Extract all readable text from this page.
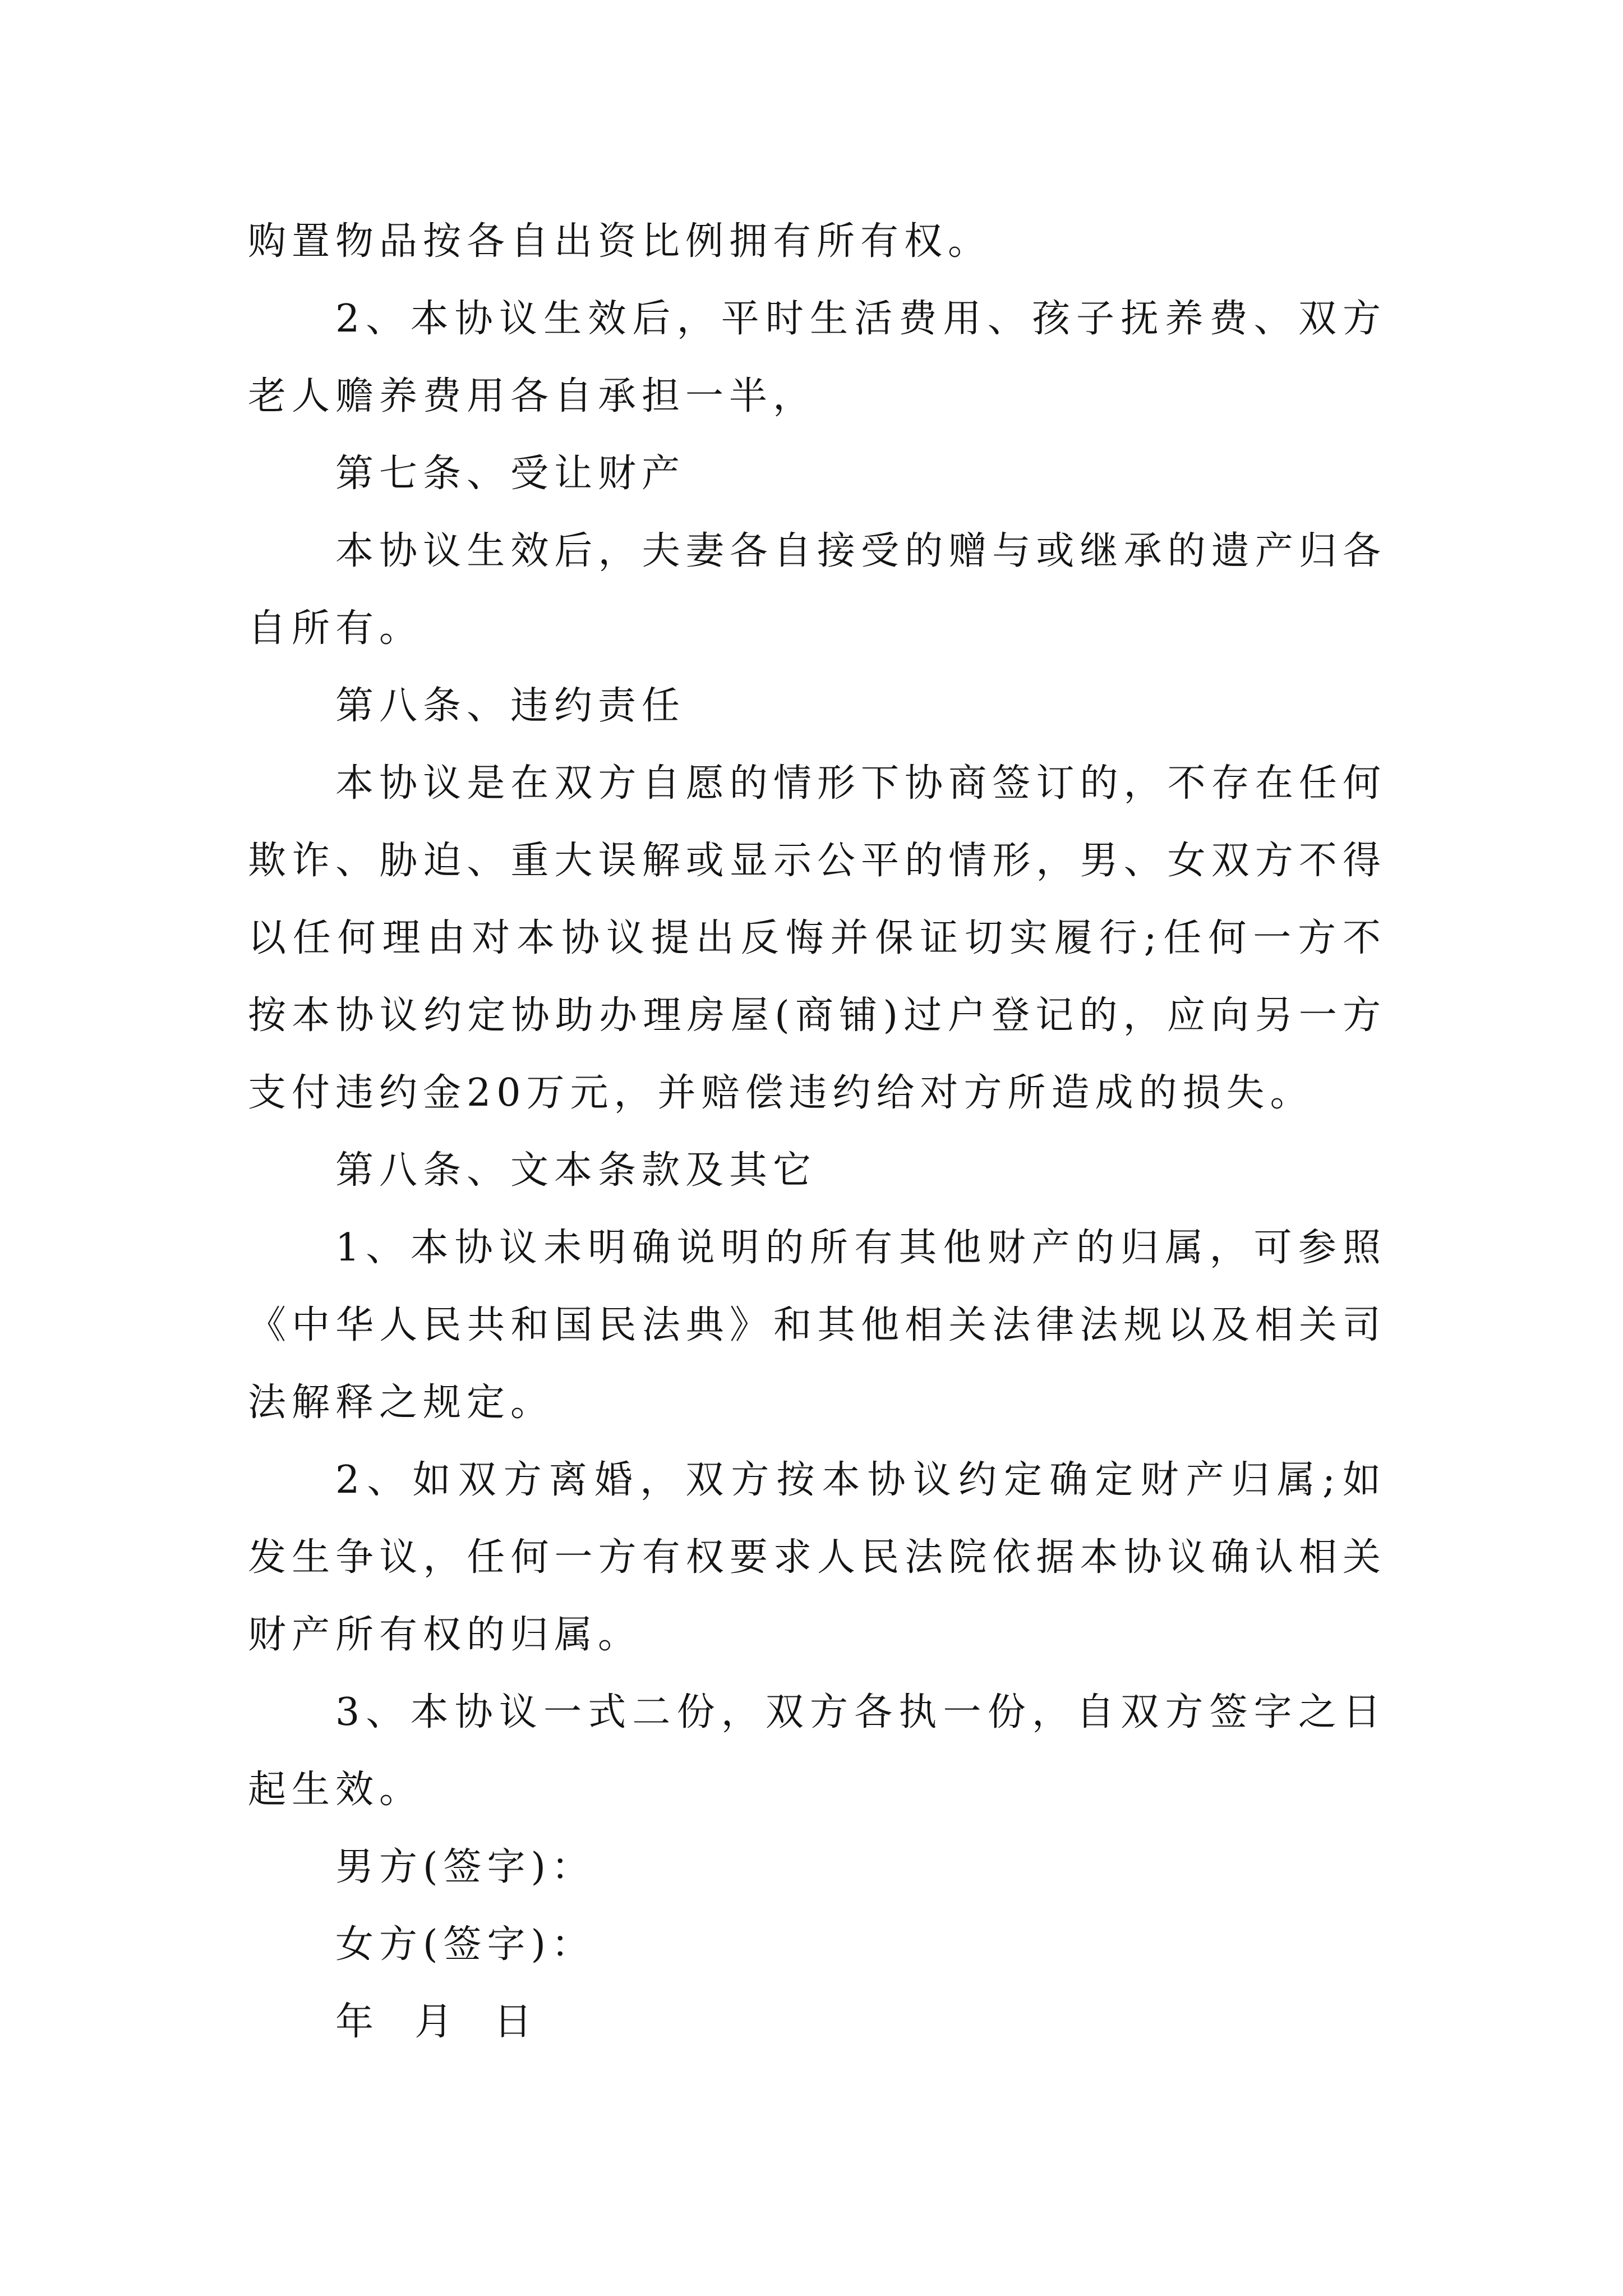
购置物品按各自出资比例拥有所有权。

2、本协议生效后，平时生活费用、孩子抚养费、双方老人赡养费用各自承担一半，

第七条、受让财产

本协议生效后，夫妻各自接受的赠与或继承的遗产归各自所有。

第八条、违约责任

本协议是在双方自愿的情形下协商签订的，不存在任何欺诈、胁迫、重大误解或显示公平的情形，男、女双方不得以任何理由对本协议提出反悔并保证切实履行;任何一方不按本协议约定协助办理房屋(商铺)过户登记的，应向另一方支付违约金20万元，并赔偿违约给对方所造成的损失。

第八条、文本条款及其它

1、本协议未明确说明的所有其他财产的归属，可参照《中华人民共和国民法典》和其他相关法律法规以及相关司法解释之规定。

2、如双方离婚，双方按本协议约定确定财产归属;如发生争议，任何一方有权要求人民法院依据本协议确认相关财产所有权的归属。

3、本协议一式二份，双方各执一份，自双方签字之日起生效。

男方(签字)：

女方(签字)：

年  月  日
